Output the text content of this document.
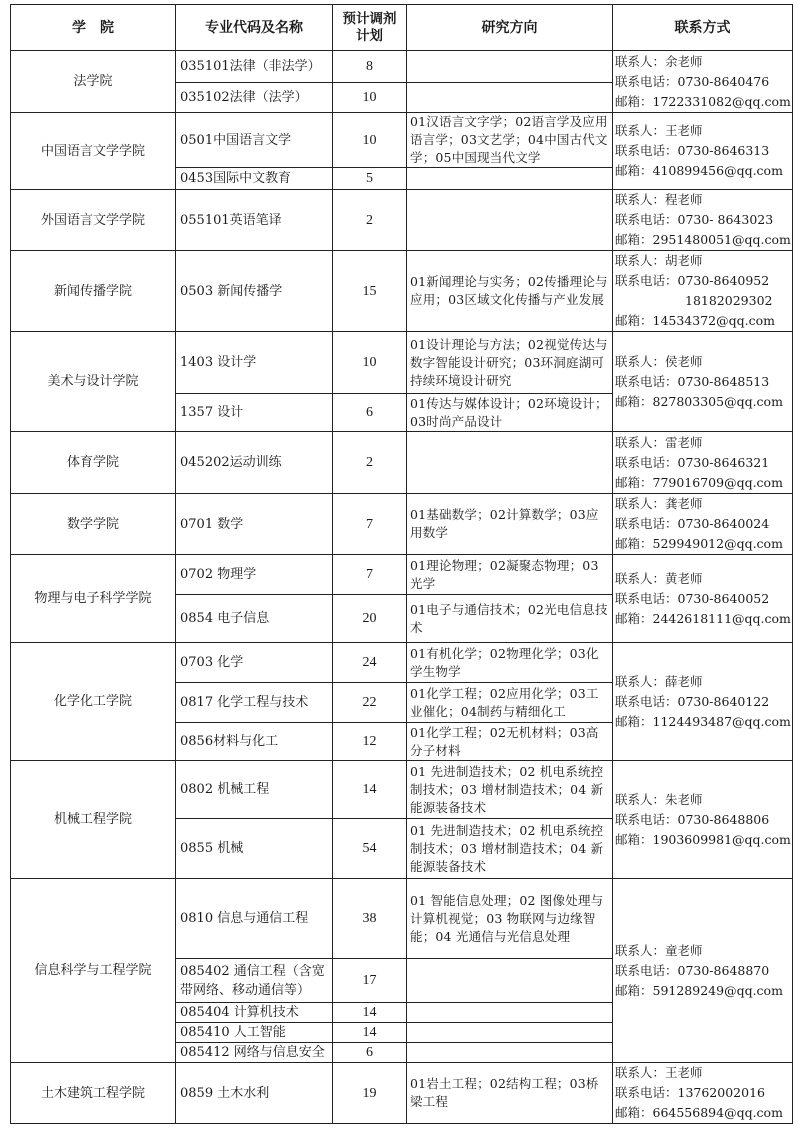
学　院	专业代码及名称	预计调剂计划	研究方向	联系方式
法学院	035101法律（非法学）	8		联系人：余老师
联系电话：0730-8640476
邮箱：1722331082@qq.com

	035102法律（法学）	10		
中国语言文学学院	0501中国语言文学	10	01汉语言文字学；02语言学及应用语言学；03文艺学；04中国古代文学；05中国现当代文学	联系人：王老师
联系电话：0730-8646313
邮箱：410899456@qq.com

	0453国际中文教育	5		
外国语言文学学院	055101英语笔译	2		联系人：程老师
联系电话：0730- 8643023
邮箱：2951480051@qq.com

新闻传播学院	0503 新闻传播学	15	01新闻理论与实务；02传播理论与应用；03区域文化传播与产业发展	联系人：胡老师
联系电话：0730-8640952
18182029302
邮箱：14534372@qq.com

美术与设计学院	1403 设计学	10	01设计理论与方法；02视觉传达与数字智能设计研究；03环洞庭湖可持续环境设计研究	联系人：侯老师
联系电话：0730-8648513
邮箱：827803305@qq.com

	1357 设计	6	01传达与媒体设计；02环境设计；03时尚产品设计	
体育学院	045202运动训练	2		联系人：雷老师
联系电话：0730-8646321
邮箱：779016709@qq.com

数学学院	0701 数学	7	01基础数学；02计算数学；03应用数学	联系人：龚老师
联系电话：0730-8640024
邮箱：529949012@qq.com

物理与电子科学学院	0702 物理学	7	01理论物理；02凝聚态物理；03光学	联系人：黄老师
联系电话：0730-8640052
邮箱：2442618111@qq.com

	0854 电子信息	20	01电子与通信技术；02光电信息技术	
化学化工学院	0703 化学	24	01有机化学；02物理化学；03化学生物学	联系人：薛老师
联系电话：0730-8640122
邮箱：1124493487@qq.com

	0817 化学工程与技术	22	01化学工程；02应用化学；03工业催化；04制药与精细化工	
	0856材料与化工	12	01化学工程；02无机材料；03高分子材料	
机械工程学院	0802 机械工程	14	01 先进制造技术；02 机电系统控制技术；03 增材制造技术；04 新能源装备技术	联系人：朱老师
联系电话：0730-8648806
邮箱：1903609981@qq.com

	0855 机械	54	01 先进制造技术；02 机电系统控制技术；03 增材制造技术；04 新能源装备技术	
信息科学与工程学院	0810 信息与通信工程	38	01 智能信息处理；02 图像处理与计算机视觉；03 物联网与边缘智能；04 光通信与光信息处理	联系人：童老师
联系电话：0730-8648870
邮箱：591289249@qq.com

	085402 通信工程（含宽带网络、移动通信等）	17		
	085404 计算机技术	14		
	085410 人工智能	14		
	085412 网络与信息安全	6		
土木建筑工程学院	0859 土木水利	19	01岩土工程；02结构工程；03桥梁工程	联系人：王老师
联系电话：13762002016
邮箱：664556894@qq.com
